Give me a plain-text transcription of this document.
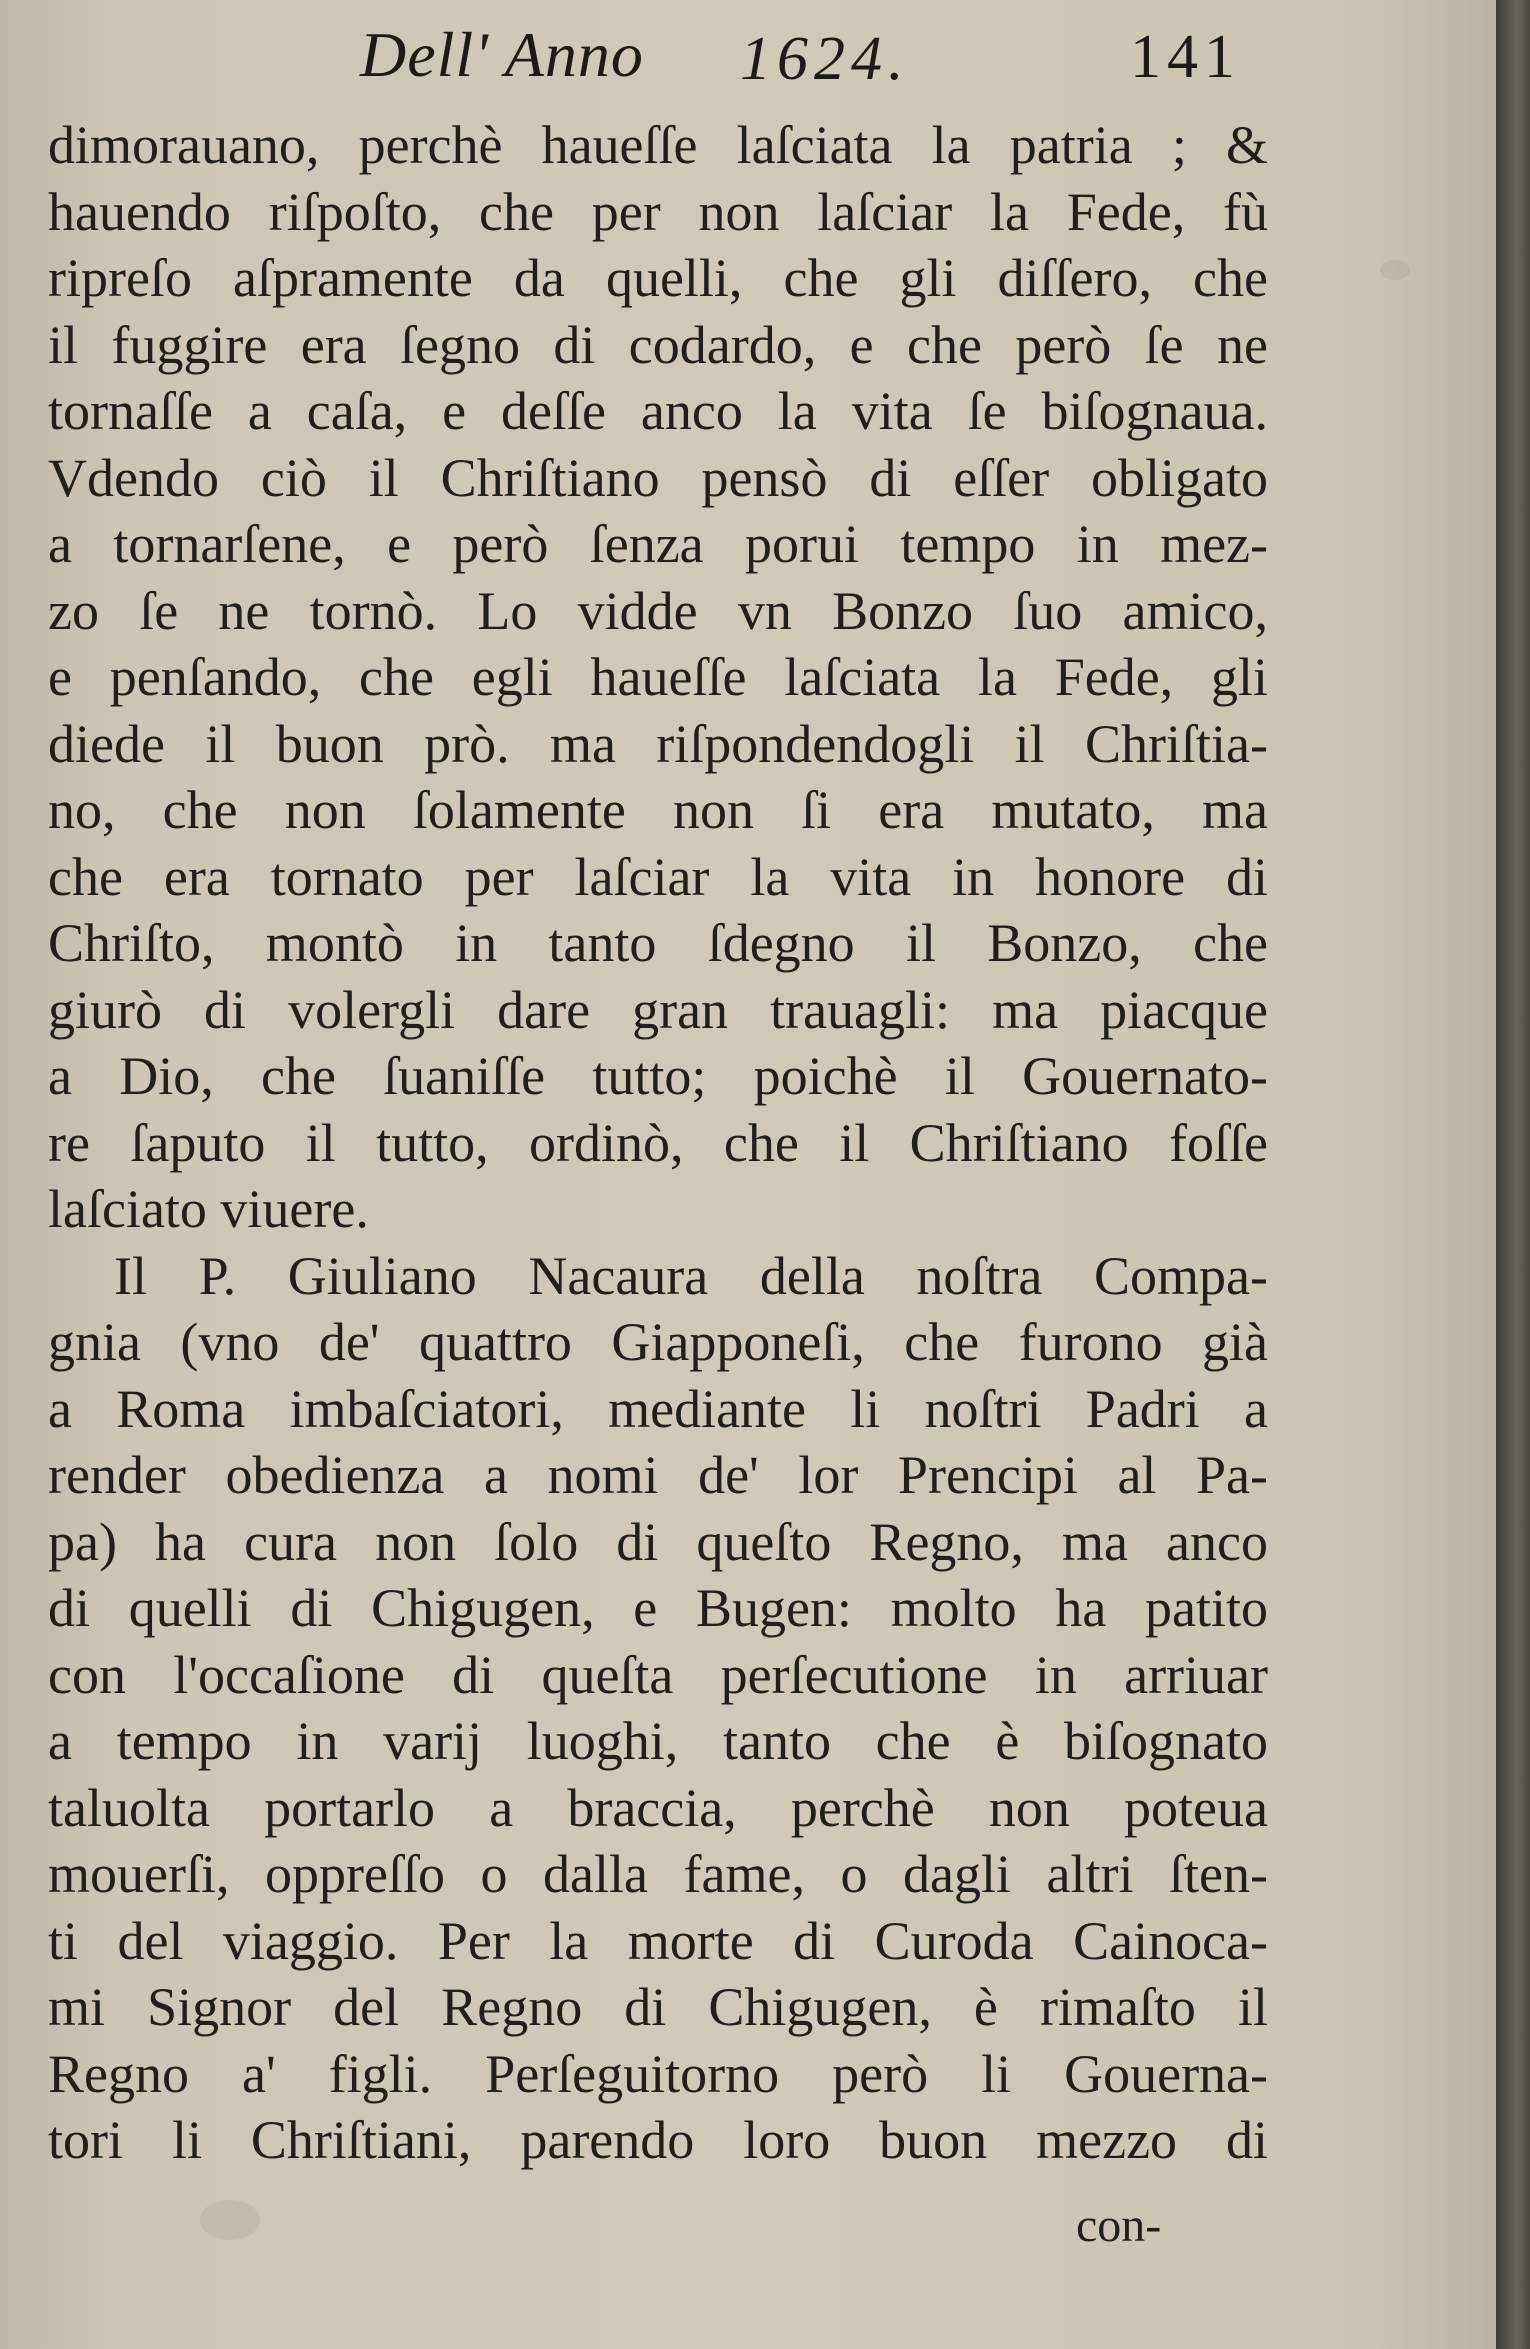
Dell' Anno 1624.	141
dimorauano, perchè haueſſe laſciata la patria ; &
hauendo riſpoſto, che per non laſciar la Fede, fù
ripreſo aſpramente da quelli, che gli diſſero, che
il fuggire era ſegno di codardo, e che però ſe ne
tornaſſe a caſa, e deſſe anco la vita ſe biſognaua.
Vdendo ciò il Chriſtiano pensò di eſſer obligato
a tornarſene, e però ſenza porui tempo in mez-
zo ſe ne tornò. Lo vidde vn Bonzo ſuo amico,
e penſando, che egli haueſſe laſciata la Fede, gli
diede il buon prò. ma riſpondendogli il Chriſtia-
no, che non ſolamente non ſi era mutato, ma
che era tornato per laſciar la vita in honore di
Chriſto, montò in tanto ſdegno il Bonzo, che
giurò di volergli dare gran trauagli: ma piacque
a Dio, che ſuaniſſe tutto; poichè il Gouernato-
re ſaputo il tutto, ordinò, che il Chriſtiano foſſe
laſciato viuere.
Il P. Giuliano Nacaura della noſtra Compa-
gnia (vno de' quattro Giapponeſi, che furono già
a Roma imbaſciatori, mediante li noſtri Padri a
render obedienza a nomi de' lor Prencipi al Pa-
pa) ha cura non ſolo di queſto Regno, ma anco
di quelli di Chigugen, e Bugen: molto ha patito
con l'occaſione di queſta perſecutione in arriuar
a tempo in varij luoghi, tanto che è biſognato
taluolta portarlo a braccia, perchè non poteua
mouerſi, oppreſſo o dalla fame, o dagli altri ſten-
ti del viaggio. Per la morte di Curoda Cainoca-
mi Signor del Regno di Chigugen, è rimaſto il
Regno a' figli. Perſeguitorno però li Gouerna-
tori li Chriſtiani, parendo loro buon mezzo di
con-
